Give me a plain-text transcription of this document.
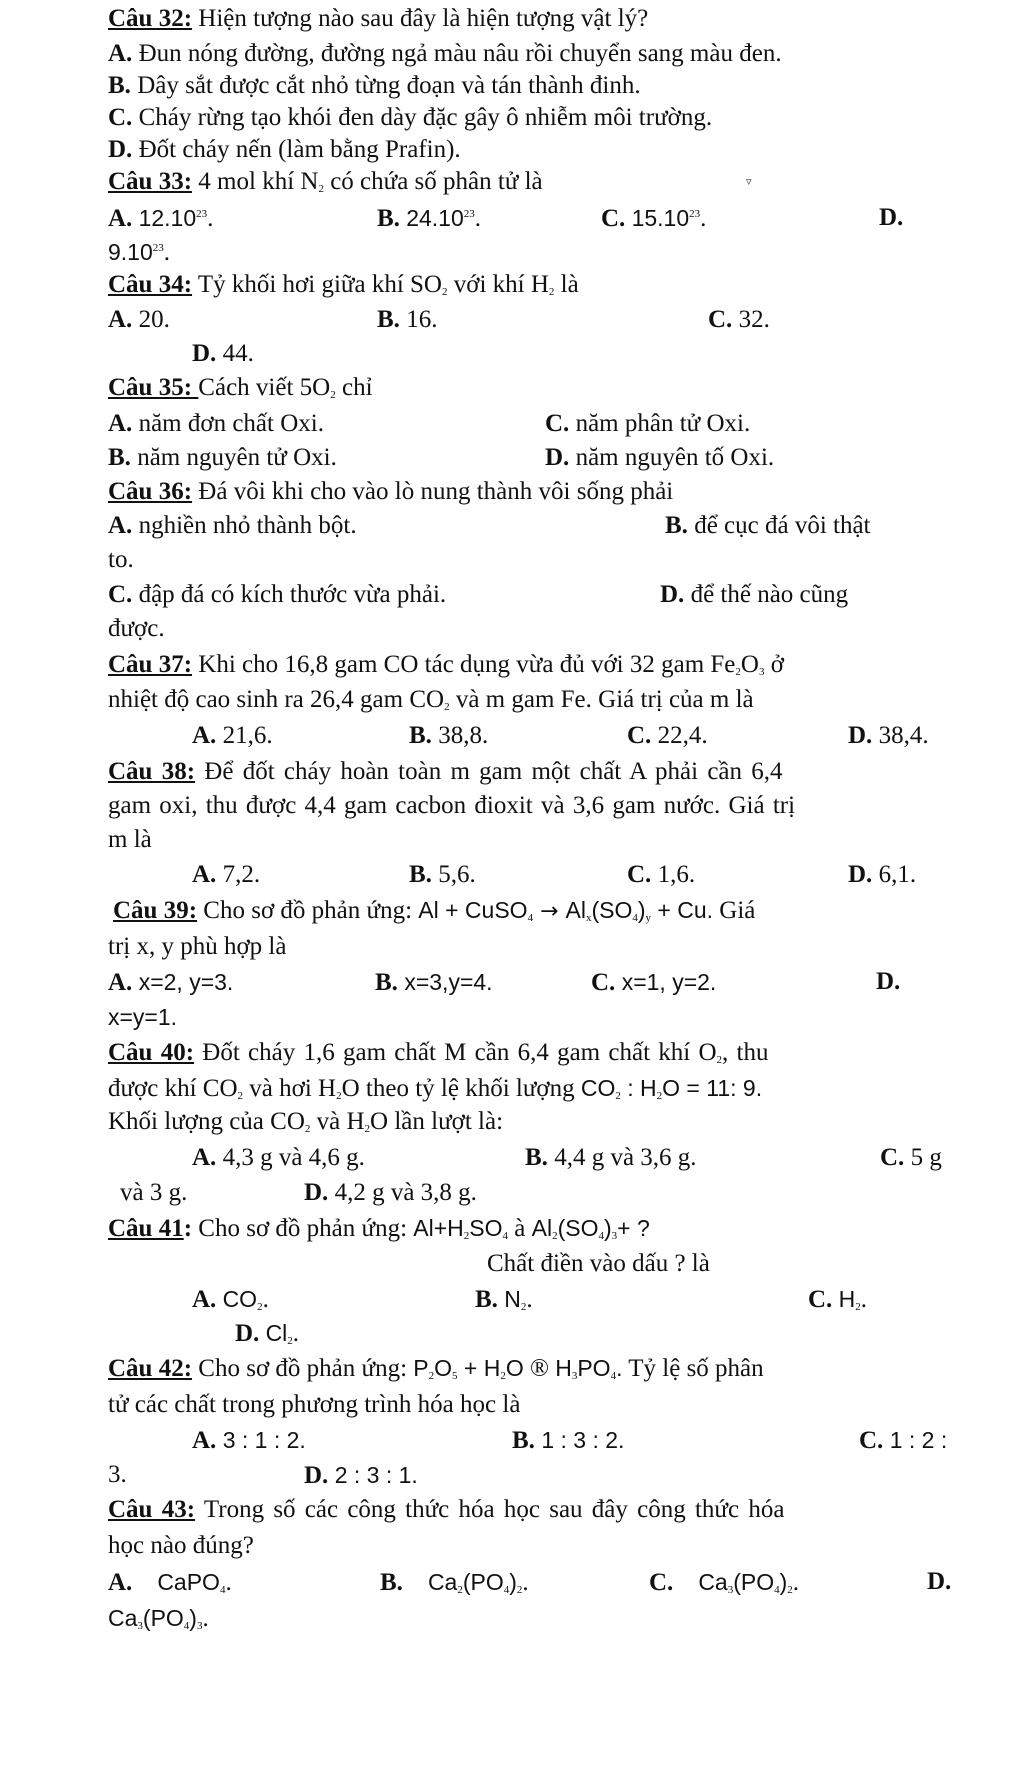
Câu 32: Hiện tượng nào sau đây là hiện tượng vật lý?
A. Đun nóng đường, đường ngả màu nâu rồi chuyển sang màu đen.
B. Dây sắt được cắt nhỏ từng đoạn và tán thành đinh.
C. Cháy rừng tạo khói đen dày đặc gây ô nhiễm môi trường.
D. Đốt cháy nến (làm bằng Prafin).
Câu 33: 4 mol khí $N_2$ có chứa số phân tử là	▿
A. 12.10$^{23}$.	B. 24.10$^{23}$.	C. 15.10$^{23}$.	D.
9.10$^{23}$.
Câu 34: Tỷ khối hơi giữa khí $SO_2$ với khí $H_2$ là
A. 20.	B. 16.	C. 32.
D. 44.
Câu 35: Cách viết $5O_2$ chỉ
A. năm đơn chất Oxi.	C. năm phân tử Oxi.
B. năm nguyên tử Oxi.	D. năm nguyên tố Oxi.
Câu 36: Đá vôi khi cho vào lò nung thành vôi sống phải
A. nghiền nhỏ thành bột.	B. để cục đá vôi thật
to.
C. đập đá có kích thước vừa phải.	D. để thế nào cũng
được.
Câu 37: Khi cho 16,8 gam CO tác dụng vừa đủ với 32 gam $Fe_2O_3$ ở
nhiệt độ cao sinh ra 26,4 gam $CO_2$ và m gam Fe. Giá trị của m là
A. 21,6.	B. 38,8.	C. 22,4.	D. 38,4.
Câu 38: Để đốt cháy hoàn toàn m gam một chất A phải cần 6,4
gam oxi, thu được 4,4 gam cacbon đioxit và 3,6 gam nước. Giá trị
m là
A. 7,2.	B. 5,6.	C. 1,6.	D. 6,1.
Câu 39: Cho sơ đồ phản ứng: Al + CuSO$_4$ → $Al_x(SO_4)_y + Cu$. Giá
trị x, y phù hợp là
A. x=2, y=3.	B. x=3,y=4.	C. x=1, y=2.	D.
x=y=1.
Câu 40: Đốt cháy 1,6 gam chất M cần 6,4 gam chất khí $O_2$, thu
được khí $CO_2$ và hơi $H_2O$ theo tỷ lệ khối lượng $CO_2$ : $H_2O = 11$: 9.
Khối lượng của $CO_2$ và $H_2O$ lần lượt là:
A. 4,3 g và 4,6 g.	B. 4,4 g và 3,6 g.	C. 5 g
và 3 g.	D. 4,2 g và 3,8 g.
Câu 41: Cho sơ đồ phản ứng: $Al+H_2SO_4$ à $Al_2(SO_4)_3+$ ?
Chất điền vào dấu ? là
A. $CO_2$.	B. $N_2$.	C. $H_2$.
D. $Cl_2$.
Câu 42: Cho sơ đồ phản ứng: $P_2O_5 + H_2O$ ® $H_3PO_4$. Tỷ lệ số phân
tử các chất trong phương trình hóa học là
A. 3 : 1 : 2.	B. 1 : 3 : 2.	C. 1 : 2 :
3.	D. 2 : 3 : 1.
Câu 43: Trong số các công thức hóa học sau đây công thức hóa
học nào đúng?
A. CaPO$_4$.	B. $Ca_2(PO_4)_2$.	C. $Ca_3(PO_4)_2$.	D.
$Ca_3(PO_4)_3$.
